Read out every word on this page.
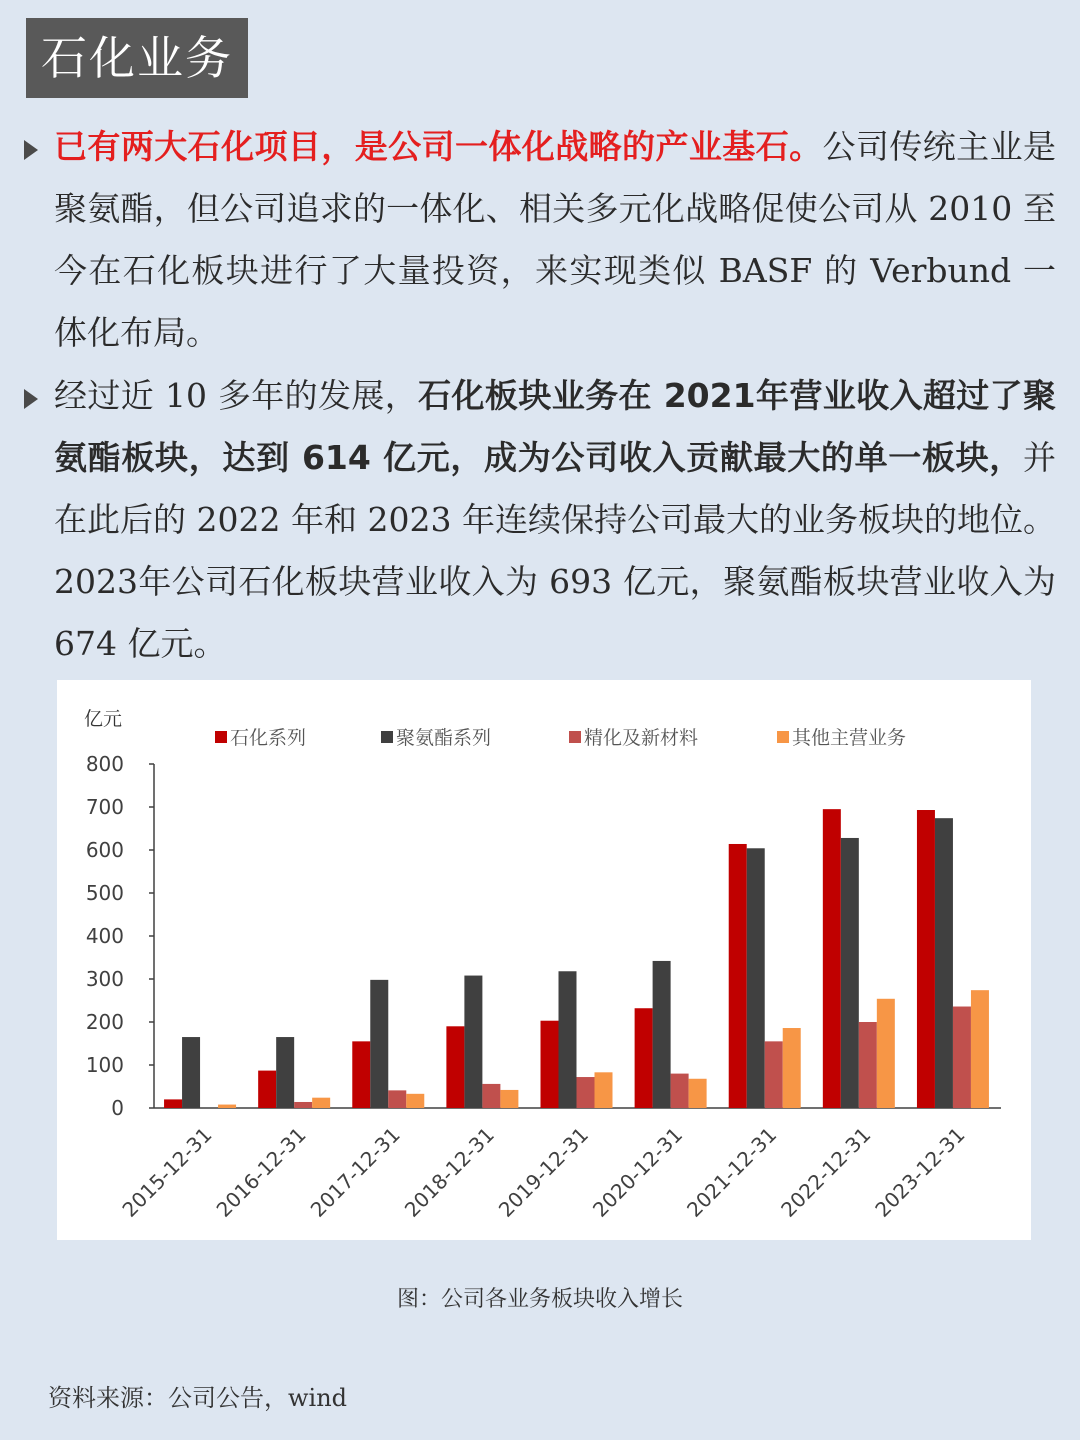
石化业务
已有两大石化项目，是公司一体化战略的产业基石。公司传统主业是聚氨酯，但公司追求的一体化、相关多元化战略促使公司从 2010 至今在石化板块进行了大量投资，来实现类似 BASF 的 Verbund 一体化布局。
经过近 10 多年的发展，石化板块业务在 2021年营业收入超过了聚氨酯板块，达到 614 亿元，成为公司收入贡献最大的单一板块，并在此后的 2022 年和 2023 年连续保持公司最大的业务板块的地位。2023年公司石化板块营业收入为 693 亿元，聚氨酯板块营业收入为 674 亿元。
亿元
0
100
200
300
400
500
600
700
800
2015-12-31
2016-12-31
2017-12-31
2018-12-31
2019-12-31
2020-12-31
2021-12-31
2022-12-31
2023-12-31
石化系列	聚氨酯系列	精化及新材料	其他主营业务
图：公司各业务板块收入增长
资料来源：公司公告，wind
